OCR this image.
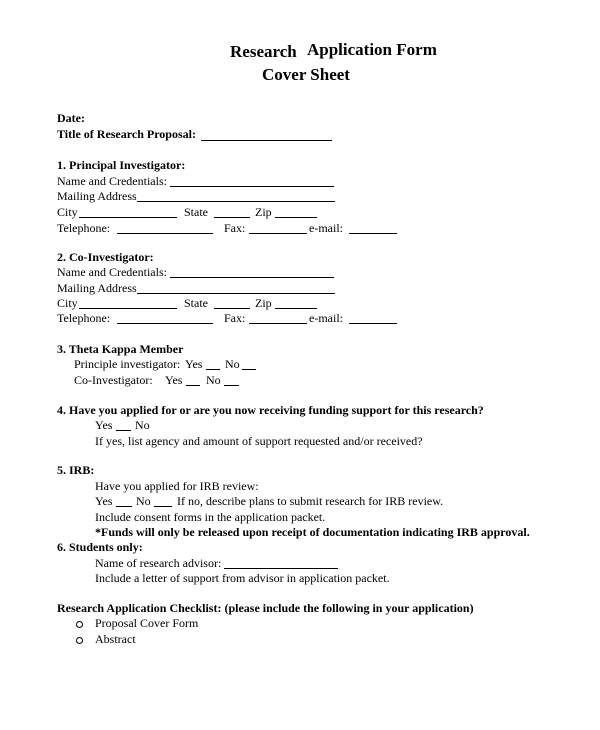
Research Application Form
Cover Sheet
Date:
Title of Research Proposal:
1. Principal Investigator:
Name and Credentials:
Mailing Address
City	State	Zip
Telephone:	Fax:	e-mail:
2. Co-Investigator:
Name and Credentials:
Mailing Address
City	State	Zip
Telephone:	Fax:	e-mail:
3. Theta Kappa Member
Principle investigator: Yes No
Co-Investigator: Yes No
4. Have you applied for or are you now receiving funding support for this research?
Yes No
If yes, list agency and amount of support requested and/or received?
5. IRB:
Have you applied for IRB review:
Yes No If no, describe plans to submit research for IRB review.
Include consent forms in the application packet.
*Funds will only be released upon receipt of documentation indicating IRB approval.
6. Students only:
Name of research advisor:
Include a letter of support from advisor in application packet.
Research Application Checklist: (please include the following in your application)
Proposal Cover Form
Abstract
